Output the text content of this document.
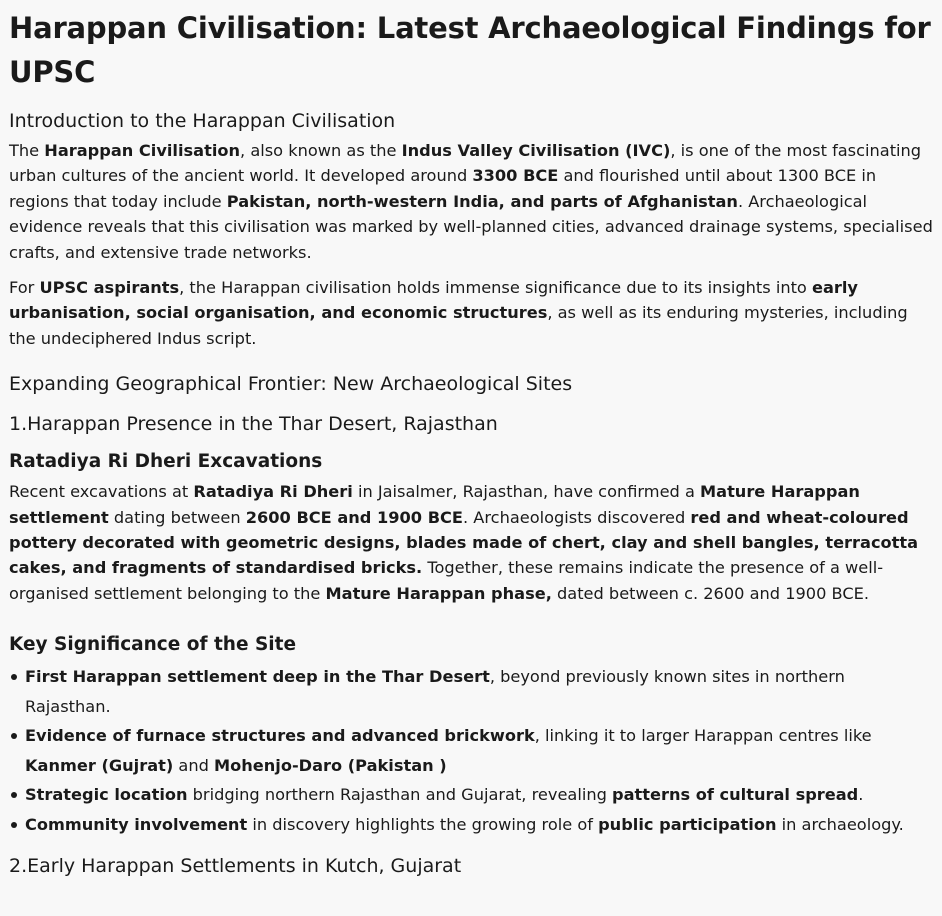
Harappan Civilisation: Latest Archaeological Findings for UPSC
Introduction to the Harappan Civilisation

The Harappan Civilisation, also known as the Indus Valley Civilisation (IVC), is one of the most fascinating urban cultures of the ancient world. It developed around 3300 BCE and flourished until about 1300 BCE in regions that today include Pakistan, north-western India, and parts of Afghanistan. Archaeological evidence reveals that this civilisation was marked by well-planned cities, advanced drainage systems, specialised crafts, and extensive trade networks.

For UPSC aspirants, the Harappan civilisation holds immense significance due to its insights into early urbanisation, social organisation, and economic structures, as well as its enduring mysteries, including the undeciphered Indus script.

Expanding Geographical Frontier: New Archaeological Sites
1.Harappan Presence in the Thar Desert, Rajasthan
Ratadiya Ri Dheri Excavations

Recent excavations at Ratadiya Ri Dheri in Jaisalmer, Rajasthan, have confirmed a Mature Harappan settlement dating between 2600 BCE and 1900 BCE. Archaeologists discovered red and wheat-coloured pottery decorated with geometric designs, blades made of chert, clay and shell bangles, terracotta cakes, and fragments of standardised bricks. Together, these remains indicate the presence of a well-organised settlement belonging to the Mature Harappan phase, dated between c. 2600 and 1900 BCE.

Key Significance of the Site
First Harappan settlement deep in the Thar Desert, beyond previously known sites in northern Rajasthan.
Evidence of furnace structures and advanced brickwork, linking it to larger Harappan centres like Kanmer (Gujrat) and Mohenjo-Daro (Pakistan )
Strategic location bridging northern Rajasthan and Gujarat, revealing patterns of cultural spread.
Community involvement in discovery highlights the growing role of public participation in archaeology.
2.Early Harappan Settlements in Kutch, Gujarat
